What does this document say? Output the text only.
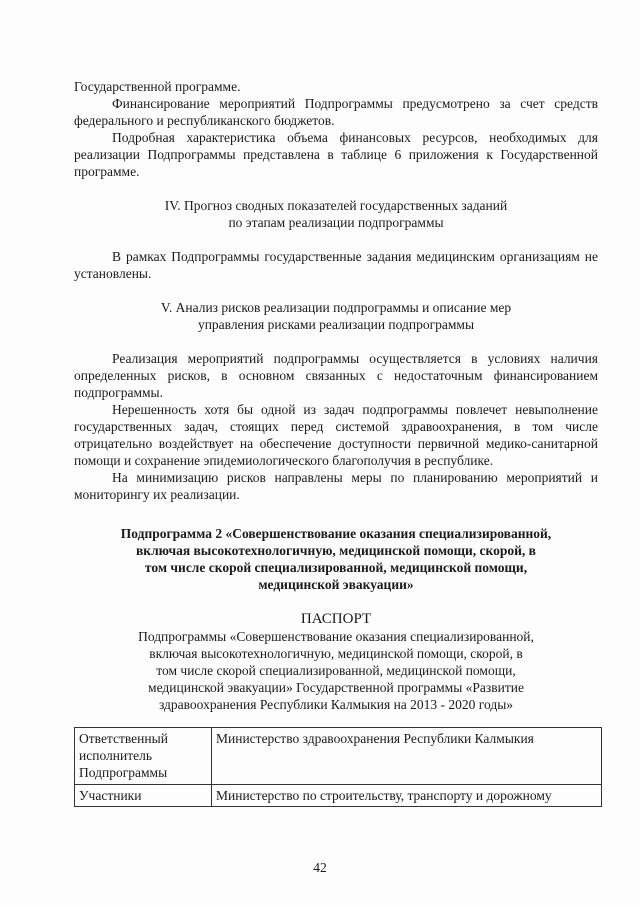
Государственной программе.

Финансирование мероприятий Подпрограммы предусмотрено за счет средств федерального и республиканского бюджетов.

Подробная характеристика объема финансовых ресурсов, необходимых для реализации Подпрограммы представлена в таблице 6 приложения к Государственной программе.

IV. Прогноз сводных показателей государственных заданий
по этапам реализации подпрограммы

В рамках Подпрограммы государственные задания медицинским организациям не установлены.

V. Анализ рисков реализации подпрограммы и описание мер
управления рисками реализации подпрограммы

Реализация мероприятий подпрограммы осуществляется в условиях наличия определенных рисков, в основном связанных с недостаточным финансированием подпрограммы.

Нерешенность хотя бы одной из задач подпрограммы повлечет невыполнение государственных задач, стоящих перед системой здравоохранения, в том числе отрицательно воздействует на обеспечение доступности первичной медико-санитарной помощи и сохранение эпидемиологического благополучия в республике.

На минимизацию рисков направлены меры по планированию мероприятий и мониторингу их реализации.

Подпрограмма 2 «Совершенствование оказания специализированной,
включая высокотехнологичную, медицинской помощи, скорой, в
том числе скорой специализированной, медицинской помощи,
медицинской эвакуации»
ПАСПОРТ
Подпрограммы «Совершенствование оказания специализированной,
включая высокотехнологичную, медицинской помощи, скорой, в
том числе скорой специализированной, медицинской помощи,
медицинской эвакуации» Государственной программы «Развитие
здравоохранения Республики Калмыкия на 2013 - 2020 годы»
Ответственный исполнитель Подпрограммы	Министерство здравоохранения Республики Калмыкия
Участники	Министерство по строительству, транспорту и дорожному
42
